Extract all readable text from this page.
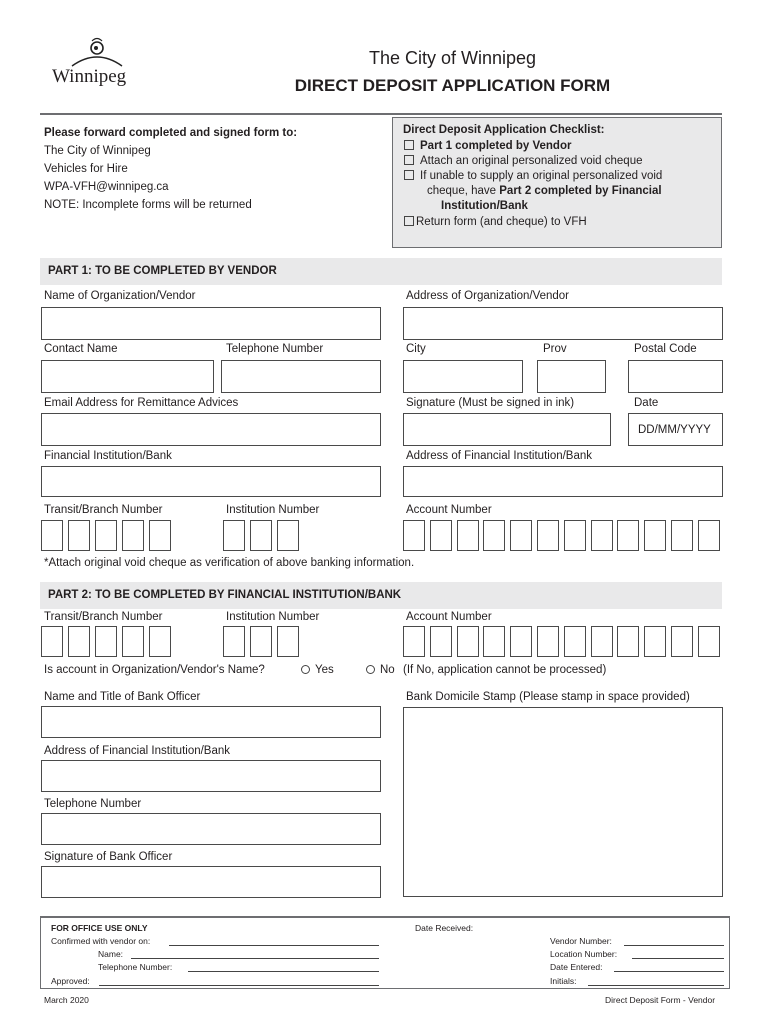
Winnipeg
The City of Winnipeg
DIRECT DEPOSIT APPLICATION FORM
Please forward completed and signed form to:
The City of Winnipeg
Vehicles for Hire
WPA-VFH@winnipeg.ca
NOTE: Incomplete forms will be returned
Direct Deposit Application Checklist:
Part 1 completed by Vendor
Attach an original personalized void cheque
If unable to supply an original personalized void
cheque, have Part 2 completed by Financial
Institution/Bank
Return form (and cheque) to VFH
PART 1: TO BE COMPLETED BY VENDOR
Name of Organization/Vendor	Address of Organization/Vendor
Contact Name	Telephone Number	City	Prov	Postal Code
Email Address for Remittance Advices	Signature (Must be signed in ink)	Date
DD/MM/YYYY
Financial Institution/Bank	Address of Financial Institution/Bank
Transit/Branch Number	Institution Number	Account Number
*Attach original void cheque as verification of above banking information.
PART 2: TO BE COMPLETED BY FINANCIAL INSTITUTION/BANK
Transit/Branch Number	Institution Number	Account Number
Is account in Organization/Vendor's Name?	Yes	No (If No, application cannot be processed)
Name and Title of Bank Officer	Bank Domicile Stamp (Please stamp in space provided)
Address of Financial Institution/Bank
Telephone Number
Signature of Bank Officer
FOR OFFICE USE ONLY
Confirmed with vendor on:
Name:
Telephone Number:
Approved:
Date Received:
Vendor Number:
Location Number:
Date Entered:
Initials:
March 2020	Direct Deposit Form - Vendor
